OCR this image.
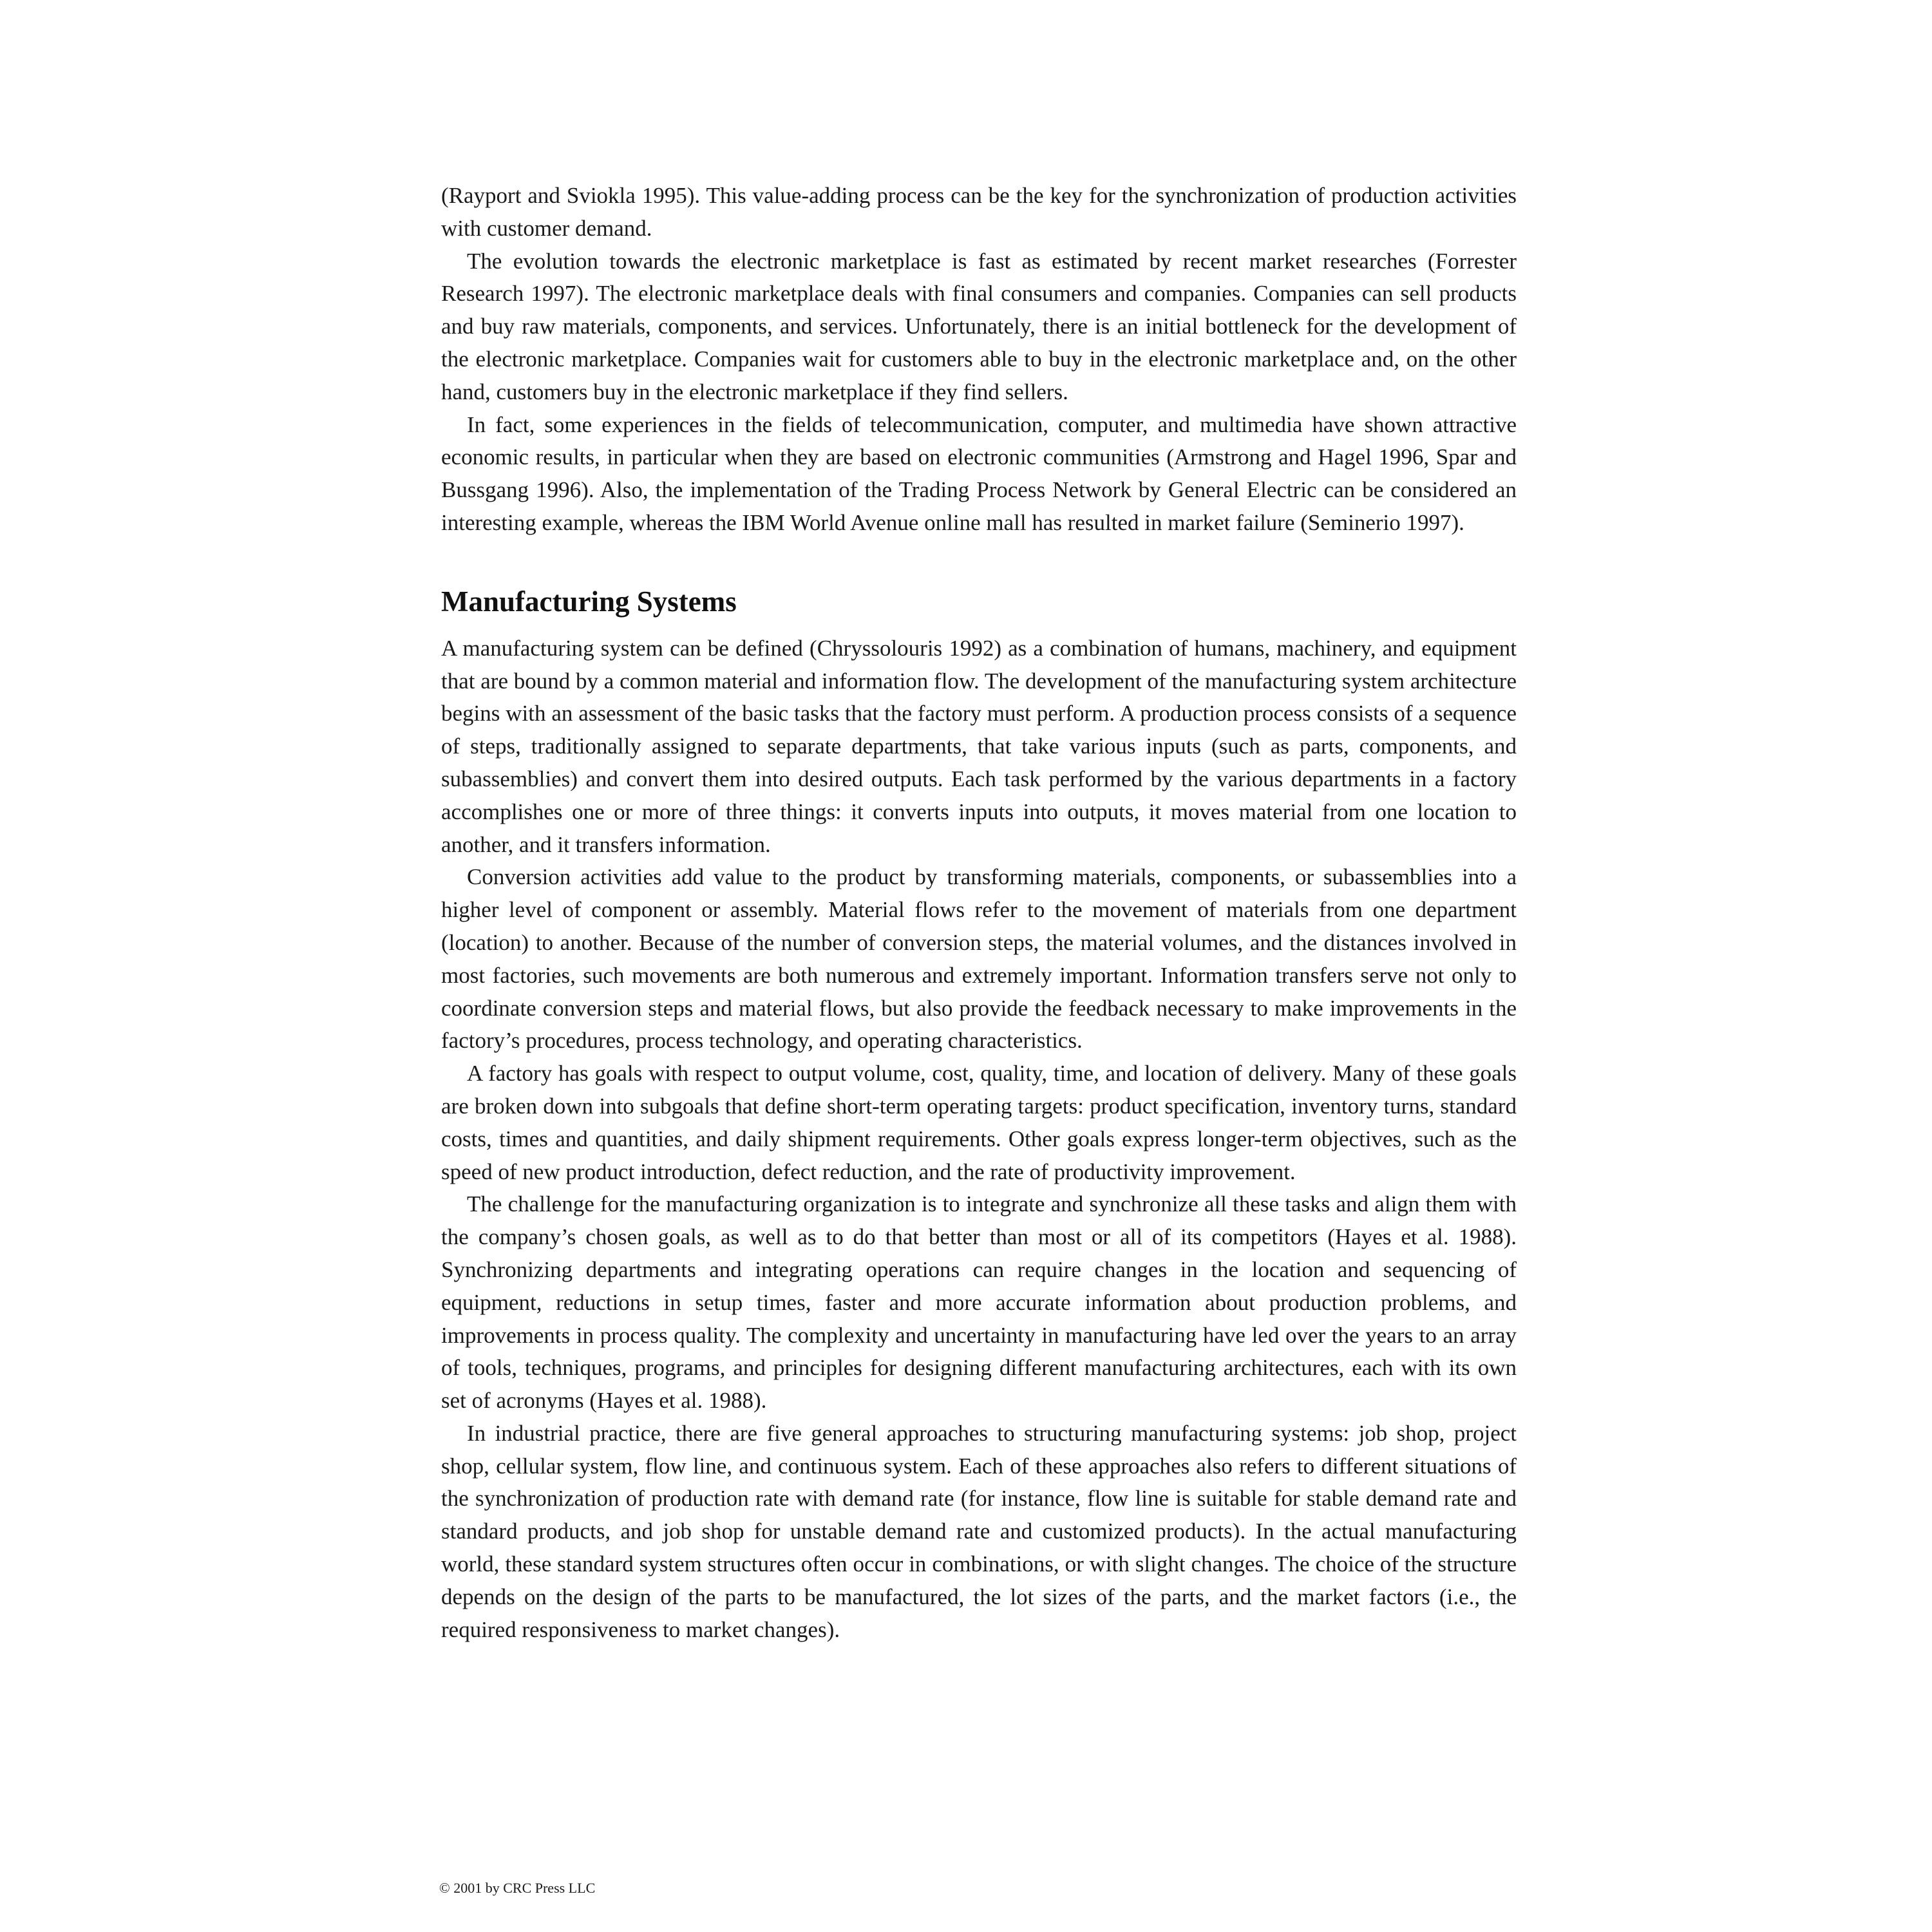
(Rayport and Sviokla 1995). This value-adding process can be the key for the synchronization of production activities with customer demand.

The evolution towards the electronic marketplace is fast as estimated by recent market researches (Forrester Research 1997). The electronic marketplace deals with final consumers and companies. Companies can sell products and buy raw materials, components, and services. Unfortunately, there is an initial bottleneck for the development of the electronic marketplace. Companies wait for customers able to buy in the electronic marketplace and, on the other hand, customers buy in the electronic marketplace if they find sellers.

In fact, some experiences in the fields of telecommunication, computer, and multimedia have shown attractive economic results, in particular when they are based on electronic communities (Armstrong and Hagel 1996, Spar and Bussgang 1996). Also, the implementation of the Trading Process Network by General Electric can be considered an interesting example, whereas the IBM World Avenue online mall has resulted in market failure (Seminerio 1997).

Manufacturing Systems

A manufacturing system can be defined (Chryssolouris 1992) as a combination of humans, machinery, and equipment that are bound by a common material and information flow. The development of the manufacturing system architecture begins with an assessment of the basic tasks that the factory must perform. A production process consists of a sequence of steps, traditionally assigned to separate departments, that take various inputs (such as parts, components, and subassemblies) and convert them into desired outputs. Each task performed by the various departments in a factory accomplishes one or more of three things: it converts inputs into outputs, it moves material from one location to another, and it transfers information.

Conversion activities add value to the product by transforming materials, components, or subassemblies into a higher level of component or assembly. Material flows refer to the movement of materials from one department (location) to another. Because of the number of conversion steps, the material volumes, and the distances involved in most factories, such movements are both numerous and extremely important. Information transfers serve not only to coordinate conversion steps and material flows, but also provide the feedback necessary to make improvements in the factory’s procedures, process technology, and operating characteristics.

A factory has goals with respect to output volume, cost, quality, time, and location of delivery. Many of these goals are broken down into subgoals that define short-term operating targets: product specification, inventory turns, standard costs, times and quantities, and daily shipment requirements. Other goals express longer-term objectives, such as the speed of new product introduction, defect reduction, and the rate of productivity improvement.

The challenge for the manufacturing organization is to integrate and synchronize all these tasks and align them with the company’s chosen goals, as well as to do that better than most or all of its competitors (Hayes et al. 1988). Synchronizing departments and integrating operations can require changes in the location and sequencing of equipment, reductions in setup times, faster and more accurate information about production problems, and improvements in process quality. The complexity and uncertainty in manufacturing have led over the years to an array of tools, techniques, programs, and principles for designing different manufacturing architectures, each with its own set of acronyms (Hayes et al. 1988).

In industrial practice, there are five general approaches to structuring manufacturing systems: job shop, project shop, cellular system, flow line, and continuous system. Each of these approaches also refers to different situations of the synchronization of production rate with demand rate (for instance, flow line is suitable for stable demand rate and standard products, and job shop for unstable demand rate and customized products). In the actual manufacturing world, these standard system structures often occur in combinations, or with slight changes. The choice of the structure depends on the design of the parts to be manufactured, the lot sizes of the parts, and the market factors (i.e., the required responsiveness to market changes).

© 2001 by CRC Press LLC
